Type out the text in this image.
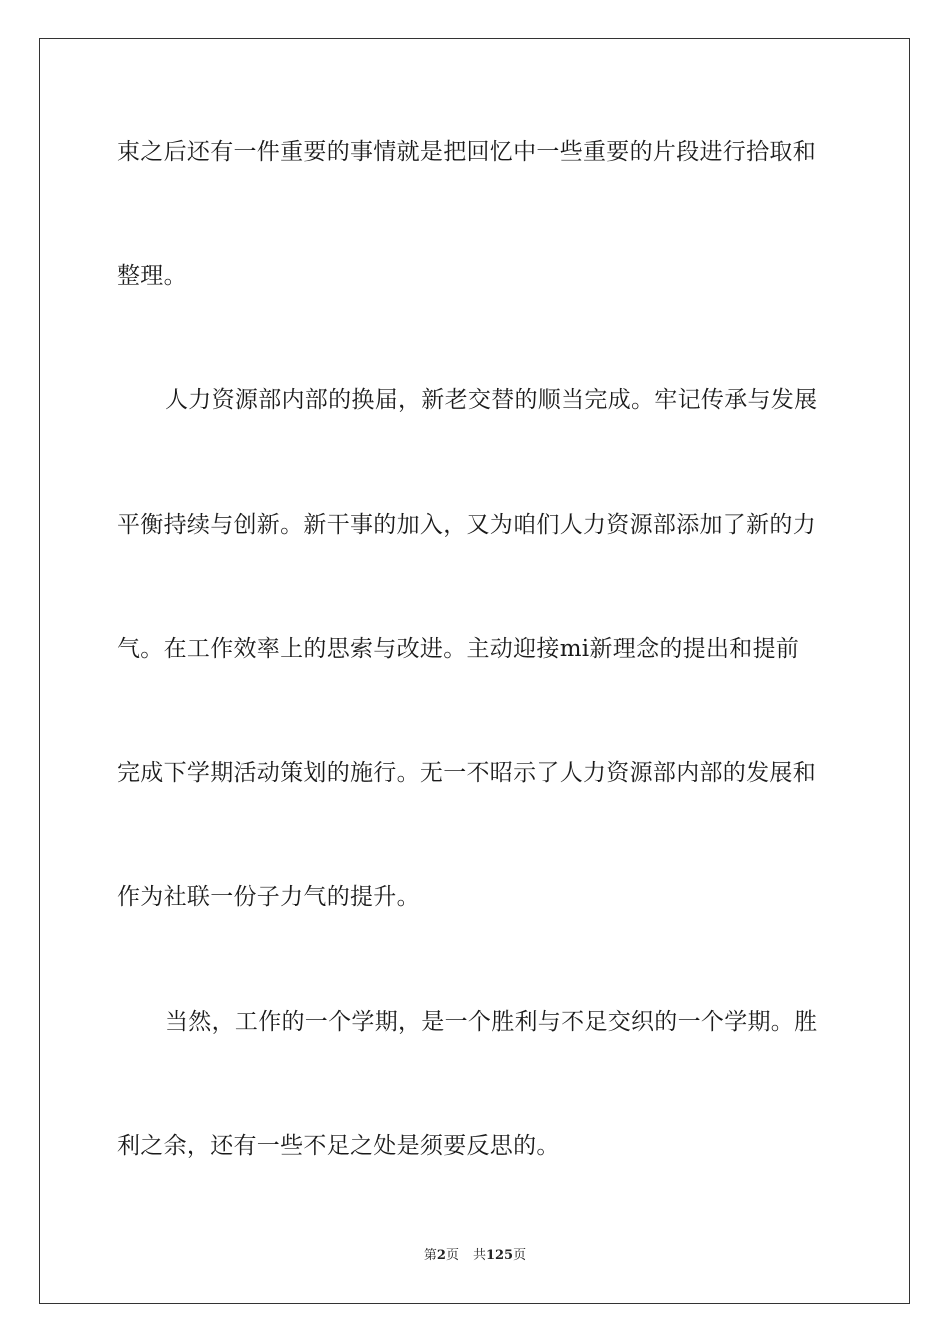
束之后还有一件重要的事情就是把回忆中一些重要的片段进行拾取和
整理。
人力资源部内部的换届，新老交替的顺当完成。牢记传承与发展
平衡持续与创新。新干事的加入，又为咱们人力资源部添加了新的力
气。在工作效率上的思索与改进。主动迎接mi新理念的提出和提前
完成下学期活动策划的施行。无一不昭示了人力资源部内部的发展和
作为社联一份子力气的提升。
当然，工作的一个学期，是一个胜利与不足交织的一个学期。胜
利之余，还有一些不足之处是须要反思的。
第2页 共125页
